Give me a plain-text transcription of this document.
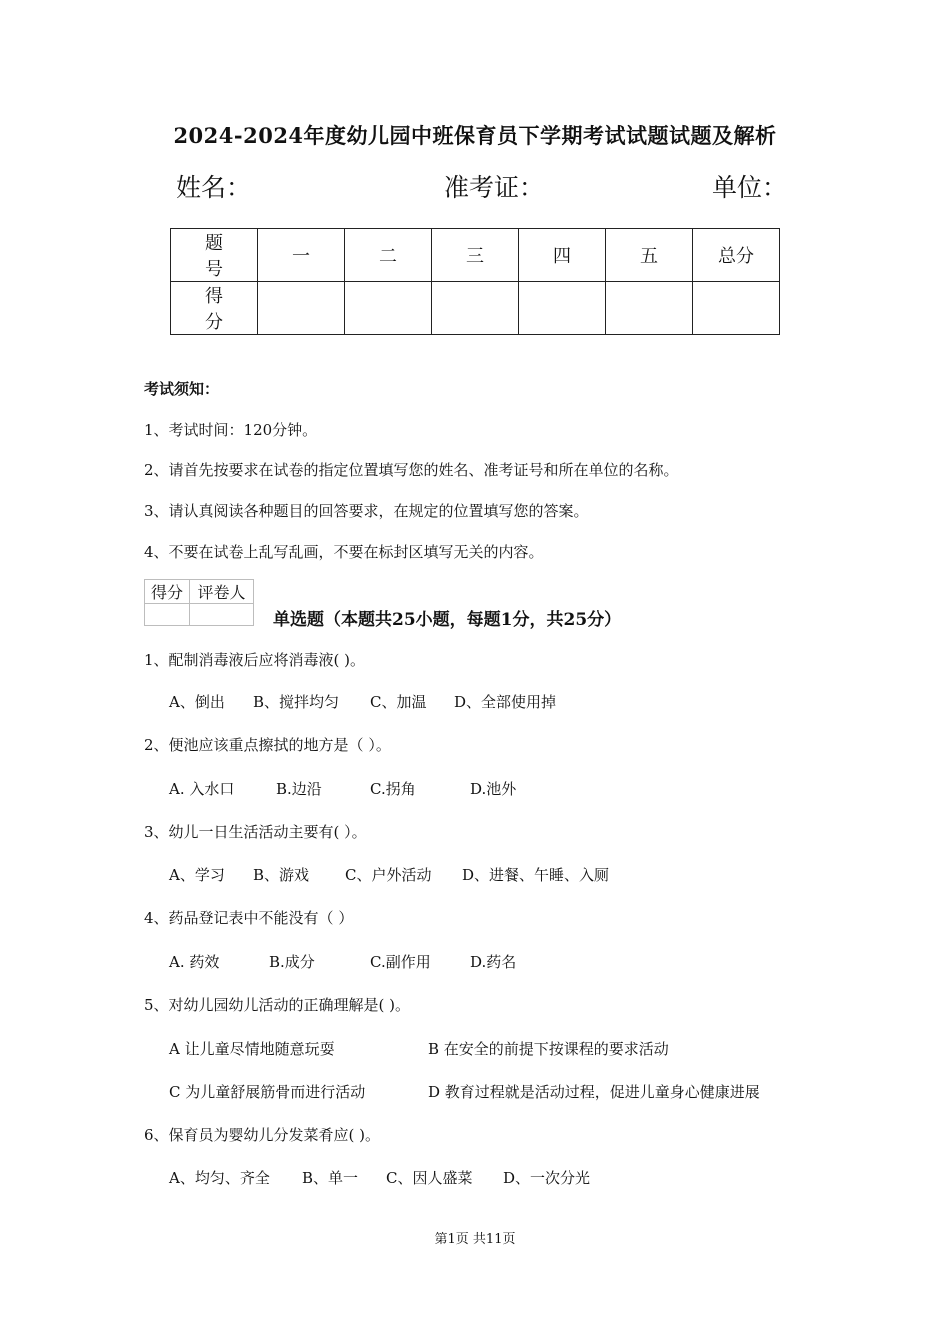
2024-2024年度幼儿园中班保育员下学期考试试题试题及解析
姓名：	准考证：	单位：
题 号	一	二	三	四	五	总分
得 分						
考试须知：
1、考试时间：120分钟。
2、请首先按要求在试卷的指定位置填写您的姓名、准考证号和所在单位的名称。
3、请认真阅读各种题目的回答要求，在规定的位置填写您的答案。
4、不要在试卷上乱写乱画，不要在标封区填写无关的内容。
得分	评卷人

单选题（本题共25小题，每题1分，共25分）
1、配制消毒液后应将消毒液( )。
A、倒出 B、搅拌均匀 C、加温 D、全部使用掉
2、便池应该重点擦拭的地方是（ ）。
A. 入水口	B.边沿	C.拐角	D.池外
3、幼儿一日生活活动主要有( ）。
A、学习 B、游戏 C、户外活动 D、进餐、午睡、入厕
4、药品登记表中不能没有（ ）
A. 药效	B.成分	C.副作用	D.药名
5、对幼儿园幼儿活动的正确理解是( )。
A 让儿童尽情地随意玩耍	B 在安全的前提下按课程的要求活动
C 为儿童舒展筋骨而进行活动	D 教育过程就是活动过程，促进儿童身心健康进展
6、保育员为婴幼儿分发菜肴应( )。
A、均匀、齐全 B、单一 C、因人盛菜 D、一次分光
第1页 共11页
